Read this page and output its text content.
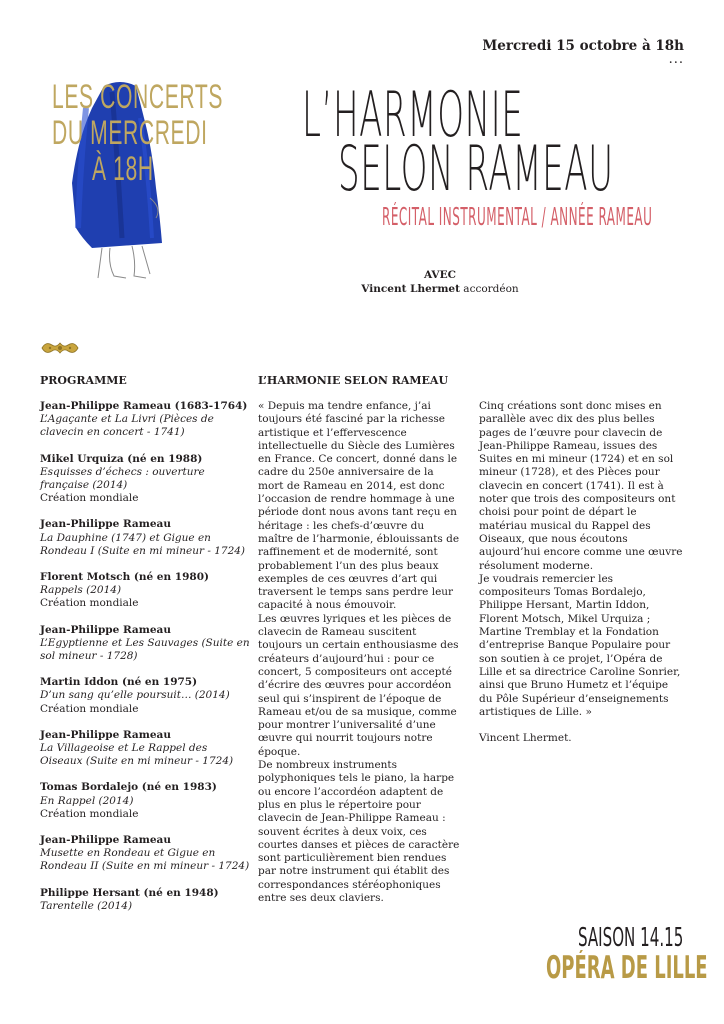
Mercredi 15 octobre à 18h
...
LES CONCERTS
DU MERCREDI
À 18H
L’HARMONIE
SELON RAMEAU
RÉCITAL INSTRUMENTAL / ANNÉE RAMEAU
AVEC
Vincent Lhermet accordéon
PROGRAMME	L’HARMONIE SELON RAMEAU
Jean-Philippe Rameau (1683-1764)
L’Agaçante et La Livri (Pièces de clavecin en concert - 1741)
Mikel Urquiza (né en 1988)
Esquisses d’échecs : ouverture française (2014)
Création mondiale
Jean-Philippe Rameau
La Dauphine (1747) et Gigue en Rondeau I (Suite en mi mineur - 1724)
Florent Motsch (né en 1980)
Rappels (2014)
Création mondiale
Jean-Philippe Rameau
L’Egyptienne et Les Sauvages (Suite en sol mineur - 1728)
Martin Iddon (né en 1975)
D’un sang qu’elle poursuit… (2014)
Création mondiale
Jean-Philippe Rameau
La Villageoise et Le Rappel des Oiseaux (Suite en mi mineur - 1724)
Tomas Bordalejo (né en 1983)
En Rappel (2014)
Création mondiale
Jean-Philippe Rameau
Musette en Rondeau et Gigue en Rondeau II (Suite en mi mineur - 1724)
Philippe Hersant (né en 1948)
Tarentelle (2014)

« Depuis ma tendre enfance, j’ai toujours été fasciné par la richesse artistique et l’effervescence intellectuelle du Siècle des Lumières en France. Ce concert, donné dans le cadre du 250e anniversaire de la mort de Rameau en 2014, est donc l’occasion de rendre hommage à une période dont nous avons tant reçu en héritage : les chefs-d’œuvre du maître de l’harmonie, éblouissants de raffinement et de modernité, sont probablement l’un des plus beaux exemples de ces œuvres d’art qui traversent le temps sans perdre leur capacité à nous émouvoir.

Les œuvres lyriques et les pièces de clavecin de Rameau suscitent toujours un certain enthousiasme des créateurs d’aujourd’hui : pour ce concert, 5 compositeurs ont accepté d’écrire des œuvres pour accordéon seul qui s’inspirent de l’époque de Rameau et/ou de sa musique, comme pour montrer l’universalité d’une œuvre qui nourrit toujours notre époque.

De nombreux instruments polyphoniques tels le piano, la harpe ou encore l’accordéon adaptent de plus en plus le répertoire pour clavecin de Jean-Philippe Rameau : souvent écrites à deux voix, ces courtes danses et pièces de caractère sont particulièrement bien rendues par notre instrument qui établit des correspondances stéréophoniques entre ses deux claviers.

Cinq créations sont donc mises en parallèle avec dix des plus belles pages de l’œuvre pour clavecin de Jean-Philippe Rameau, issues des Suites en mi mineur (1724) et en sol mineur (1728), et des Pièces pour clavecin en concert (1741). Il est à noter que trois des compositeurs ont choisi pour point de départ le matériau musical du Rappel des Oiseaux, que nous écoutons aujourd’hui encore comme une œuvre résolument moderne.

Je voudrais remercier les compositeurs Tomas Bordalejo, Philippe Hersant, Martin Iddon, Florent Motsch, Mikel Urquiza ; Martine Tremblay et la Fondation d’entreprise Banque Populaire pour son soutien à ce projet, l’Opéra de Lille et sa directrice Caroline Sonrier, ainsi que Bruno Humetz et l’équipe du Pôle Supérieur d’enseignements artistiques de Lille. »

Vincent Lhermet.

SAISON 14.15
OPÉRA DE LILLE
